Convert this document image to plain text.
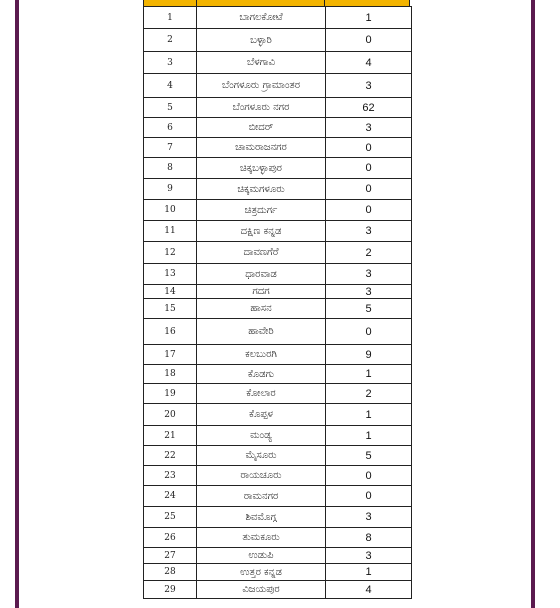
1	ಬಾಗಲಕೋಟೆ	1
2	ಬಳ್ಳಾರಿ	0
3	ಬೆಳಗಾವಿ	4
4	ಬೆಂಗಳೂರು ಗ್ರಾಮಾಂತರ	3
5	ಬೆಂಗಳೂರು ನಗರ	62
6	ಬೀದರ್	3
7	ಚಾಮರಾಜನಗರ	0
8	ಚಿಕ್ಕಬಳ್ಳಾಪುರ	0
9	ಚಿಕ್ಕಮಗಳೂರು	0
10	ಚಿತ್ರದುರ್ಗ	0
11	ದಕ್ಷಿಣ ಕನ್ನಡ	3
12	ದಾವಣಗೆರೆ	2
13	ಧಾರವಾಡ	3
14	ಗದಗ	3
15	ಹಾಸನ	5
16	ಹಾವೇರಿ	0
17	ಕಲಬುರಗಿ	9
18	ಕೊಡಗು	1
19	ಕೋಲಾರ	2
20	ಕೊಪ್ಪಳ	1
21	ಮಂಡ್ಯ	1
22	ಮೈಸೂರು	5
23	ರಾಯಚೂರು	0
24	ರಾಮನಗರ	0
25	ಶಿವಮೊಗ್ಗ	3
26	ತುಮಕೂರು	8
27	ಉಡುಪಿ	3
28	ಉತ್ತರ ಕನ್ನಡ	1
29	ವಿಜಯಪುರ	4
